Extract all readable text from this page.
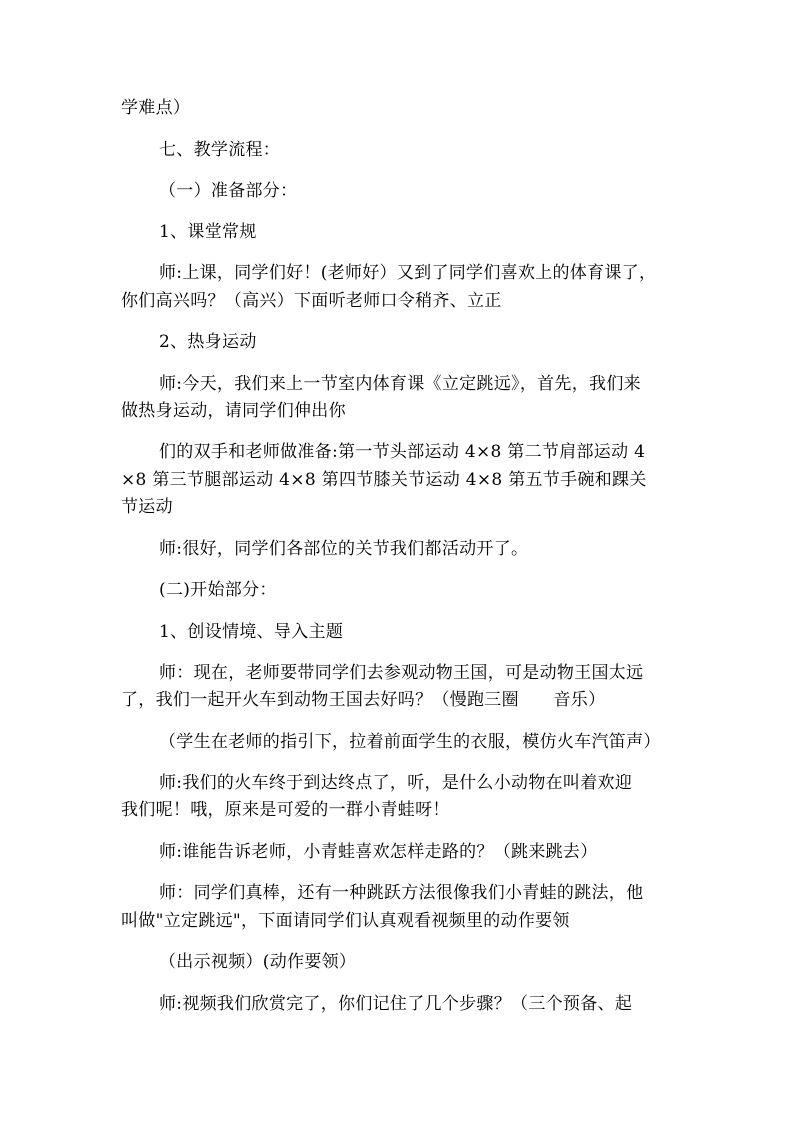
学难点）
七、教学流程：
（一）准备部分：
1、课堂常规
师:上课，同学们好！(老师好）又到了同学们喜欢上的体育课了，
你们高兴吗？（高兴）下面听老师口令稍齐、立正
2、热身运动
师:今天，我们来上一节室内体育课《立定跳远》，首先，我们来
做热身运动，请同学们伸出你
们的双手和老师做准备:第一节头部运动 4×8 第二节肩部运动 4
×8 第三节腿部运动 4×8 第四节膝关节运动 4×8 第五节手碗和踝关
节运动
师:很好，同学们各部位的关节我们都活动开了。
(二)开始部分：
1、创设情境、导入主题
师：现在，老师要带同学们去参观动物王国，可是动物王国太远
了，我们一起开火车到动物王国去好吗？（慢跑三圈　　音乐）
（学生在老师的指引下，拉着前面学生的衣服，模仿火车汽笛声）
师:我们的火车终于到达终点了，听，是什么小动物在叫着欢迎
我们呢！哦，原来是可爱的一群小青蛙呀！
师:谁能告诉老师，小青蛙喜欢怎样走路的？（跳来跳去）
师：同学们真棒，还有一种跳跃方法很像我们小青蛙的跳法，他
叫做"立定跳远"，下面请同学们认真观看视频里的动作要领
（出示视频）(动作要领）
师:视频我们欣赏完了，你们记住了几个步骤？（三个预备、起
